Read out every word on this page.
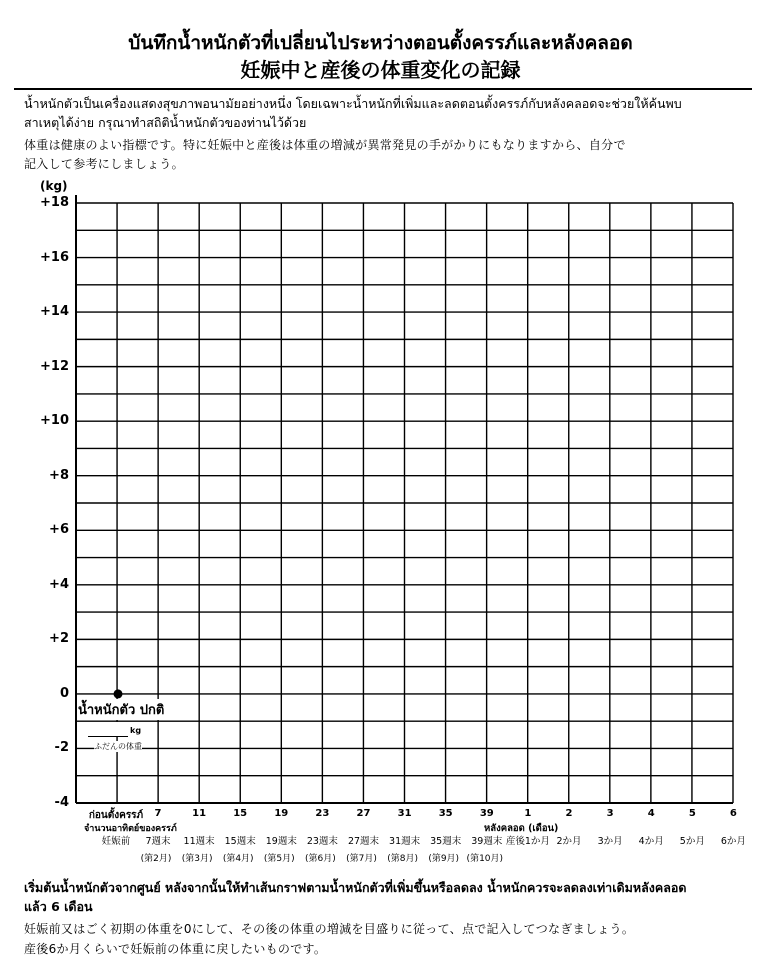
บันทึกน้ำหนักตัวที่เปลี่ยนไประหว่างตอนตั้งครรภ์และหลังคลอด
妊娠中と産後の体重変化の記録
น้ำหนักตัวเป็นเครื่องแสดงสุขภาพอนามัยอย่างหนึ่ง โดยเฉพาะน้ำหนักที่เพิ่มและลดตอนตั้งครรภ์กับหลังคลอดจะช่วยให้ค้นพบ
สาเหตุได้ง่าย กรุณาทำสถิติน้ำหนักตัวของท่านไว้ด้วย
体重は健康のよい指標です。特に妊娠中と産後は体重の増減が異常発見の手がかりにもなりますから、自分で
記入して参考にしましょう。
(kg)
+18
+16
+14
+12
+10
+8
+6
+4
+2
0
-2
-4
ก่อนตั้งครรภ์ 7	11	15	19	23	27	31	35	39	1	2	3	4	5	6
妊娠前 7週末 11週末 15週末 19週末 23週末 27週末 31週末 35週末 39週末 産後1か月 2か月 3か月 4か月 5か月 6か月
(第2月) (第3月) (第4月) (第5月) (第6月) (第7月) (第8月) (第9月) (第10月)
น้ำหนักตัว ปกติ
kg
ふだんの体重
หลังคลอด (เดือน)
จำนวนอาทิตย์ของครรภ์
เริ่มต้นน้ำหนักตัวจากศูนย์ หลังจากนั้นให้ทำเส้นกราฟตามน้ำหนักตัวที่เพิ่มขึ้นหรือลดลง น้ำหนักควรจะลดลงเท่าเดิมหลังคลอด
แล้ว 6 เดือน
妊娠前又はごく初期の体重を0にして、その後の体重の増減を目盛りに従って、点で記入してつなぎましょう。
産後6か月くらいで妊娠前の体重に戻したいものです。
